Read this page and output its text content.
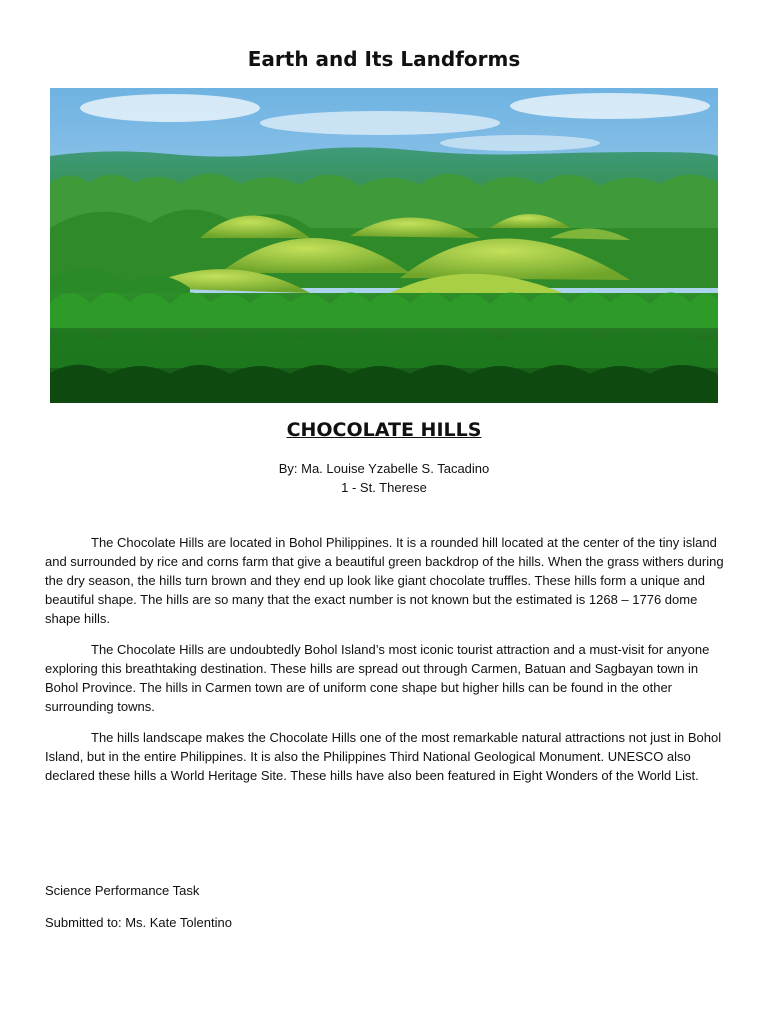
Earth and Its Landforms
CHOCOLATE HILLS
By: Ma. Louise Yzabelle S. Tacadino
1 - St. Therese

The Chocolate Hills are located in Bohol Philippines. It is a rounded hill located at the center of the tiny island and surrounded by rice and corns farm that give a beautiful green backdrop of the hills. When the grass withers during the dry season, the hills turn brown and they end up look like giant chocolate truffles. These hills form a unique and beautiful shape. The hills are so many that the exact number is not known but the estimated is 1268 – 1776 dome shape hills.

The Chocolate Hills are undoubtedly Bohol Island’s most iconic tourist attraction and a must-visit for anyone exploring this breathtaking destination. These hills are spread out through Carmen, Batuan and Sagbayan town in Bohol Province. The hills in Carmen town are of uniform cone shape but higher hills can be found in the other surrounding towns.

The hills landscape makes the Chocolate Hills one of the most remarkable natural attractions not just in Bohol Island, but in the entire Philippines. It is also the Philippines Third National Geological Monument. UNESCO also declared these hills a World Heritage Site. These hills have also been featured in Eight Wonders of the World List.

Science Performance Task
Submitted to: Ms. Kate Tolentino
